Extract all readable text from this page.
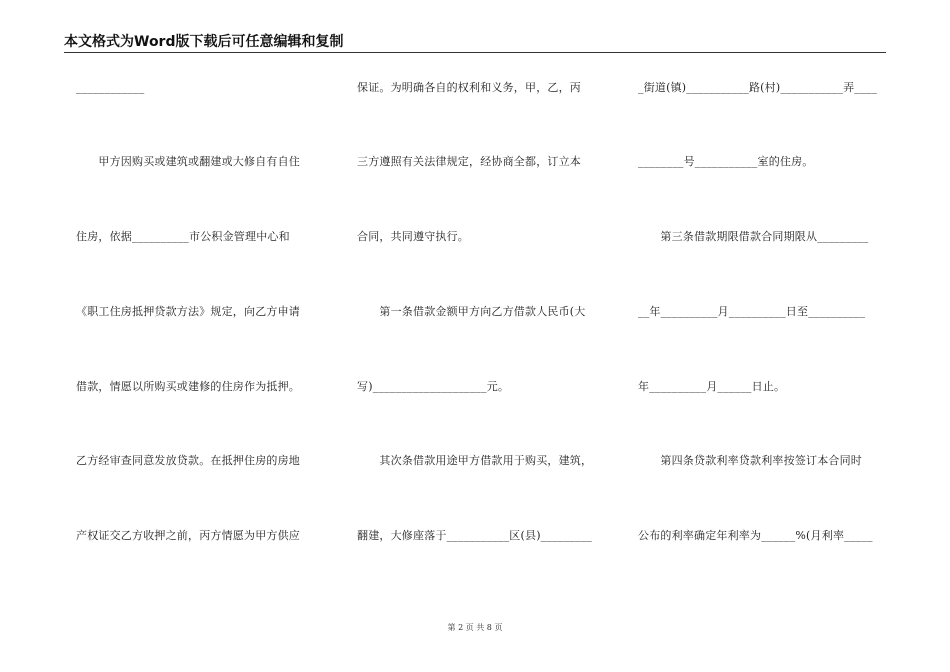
本文格式为Word版下载后可任意编辑和复制
____________
　　甲方因购买或建筑或翻建或大修自有自住
住房，依据__________市公积金管理中心和
《职工住房抵押贷款方法》规定，向乙方申请
借款，情愿以所购买或建修的住房作为抵押。
乙方经审查同意发放贷款。在抵押住房的房地
产权证交乙方收押之前，丙方情愿为甲方供应
保证。为明确各自的权利和义务，甲，乙，丙
三方遵照有关法律规定，经协商全都，订立本
合同，共同遵守执行。
　　第一条借款金额甲方向乙方借款人民币(大
写)____________________元。
　　其次条借款用途甲方借款用于购买，建筑，
翻建，大修座落于___________区(县)_________
_街道(镇)___________路(村)___________弄____
________号___________室的住房。
　　第三条借款期限借款合同期限从_________
__年__________月__________日至__________
年__________月______日止。
　　第四条贷款利率贷款利率按签订本合同时
公布的利率确定年利率为______%(月利率_____
第 2 页 共 8 页
